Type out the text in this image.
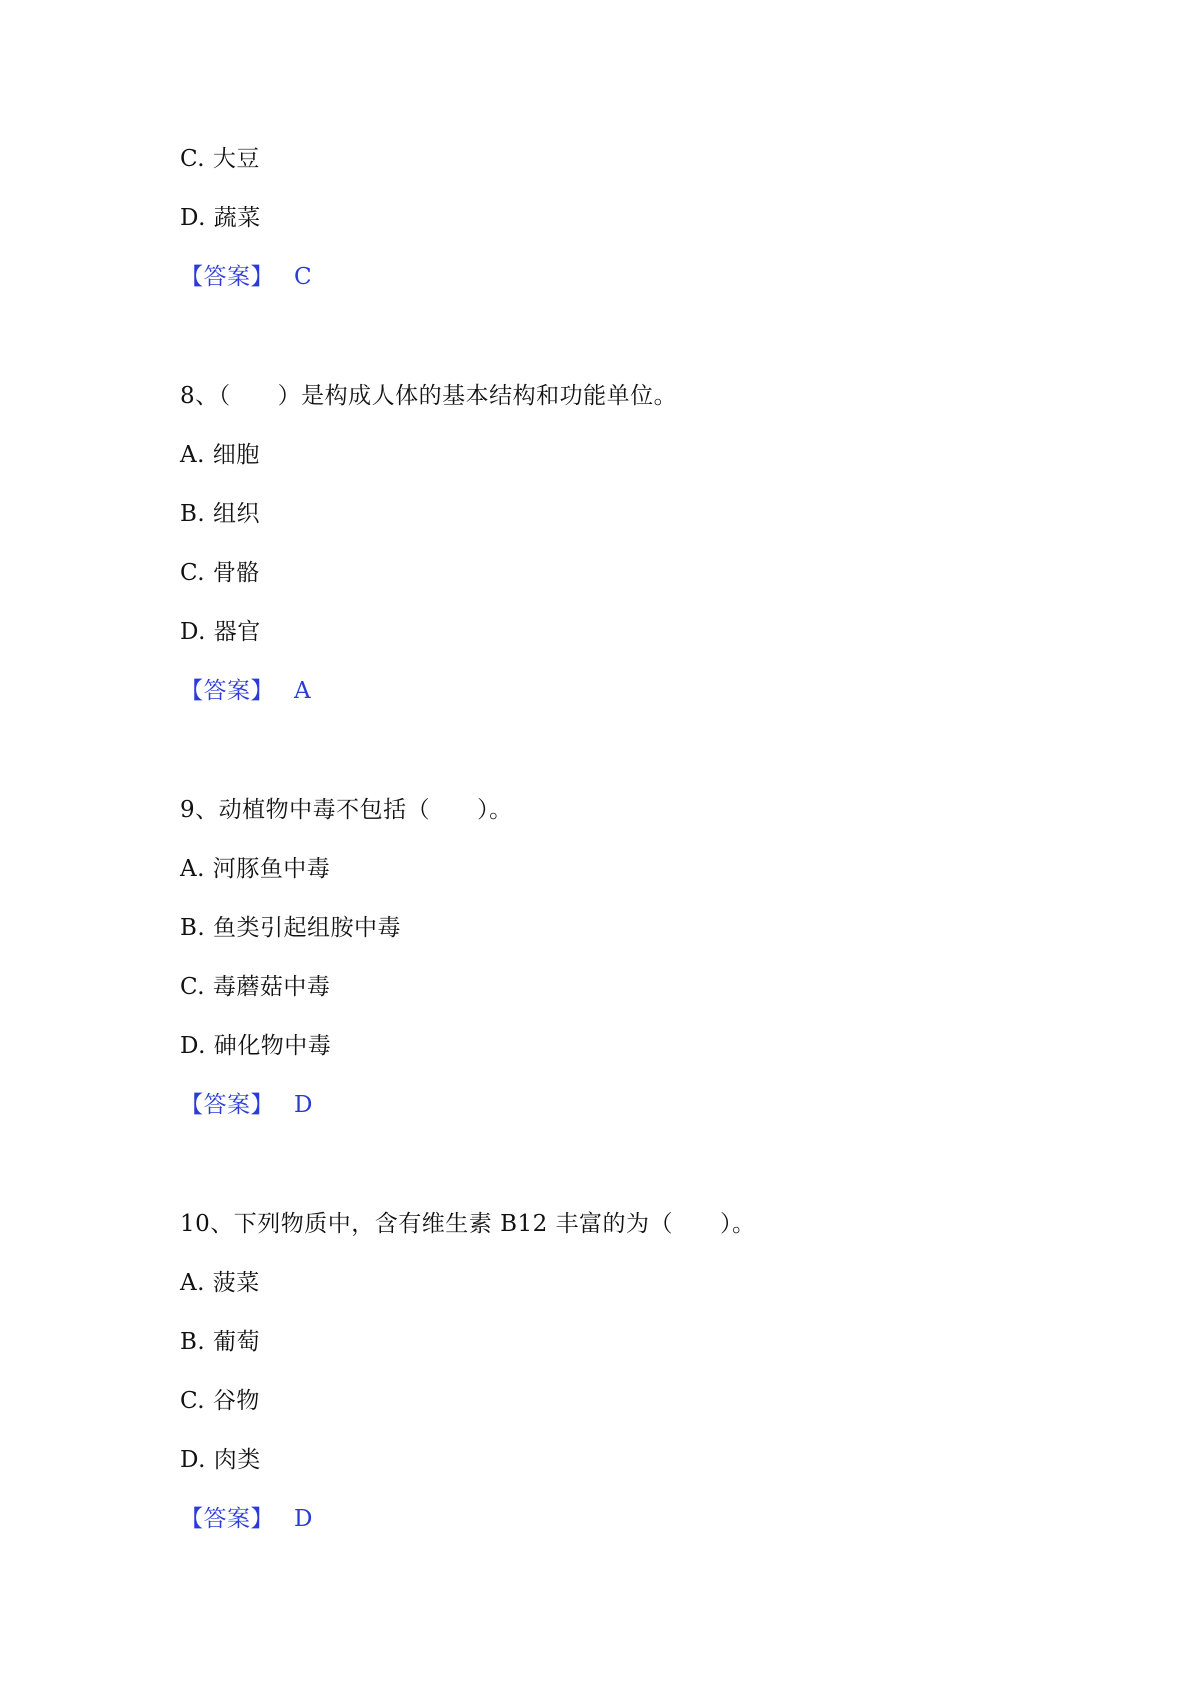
C. 大豆
D. 蔬菜
【答案】 C
8、（　　）是构成人体的基本结构和功能单位。
A. 细胞
B. 组织
C. 骨骼
D. 器官
【答案】 A
9、动植物中毒不包括（　　）。
A. 河豚鱼中毒
B. 鱼类引起组胺中毒
C. 毒蘑菇中毒
D. 砷化物中毒
【答案】 D
10、下列物质中，含有维生素 B12 丰富的为（　　）。
A. 菠菜
B. 葡萄
C. 谷物
D. 肉类
【答案】 D
